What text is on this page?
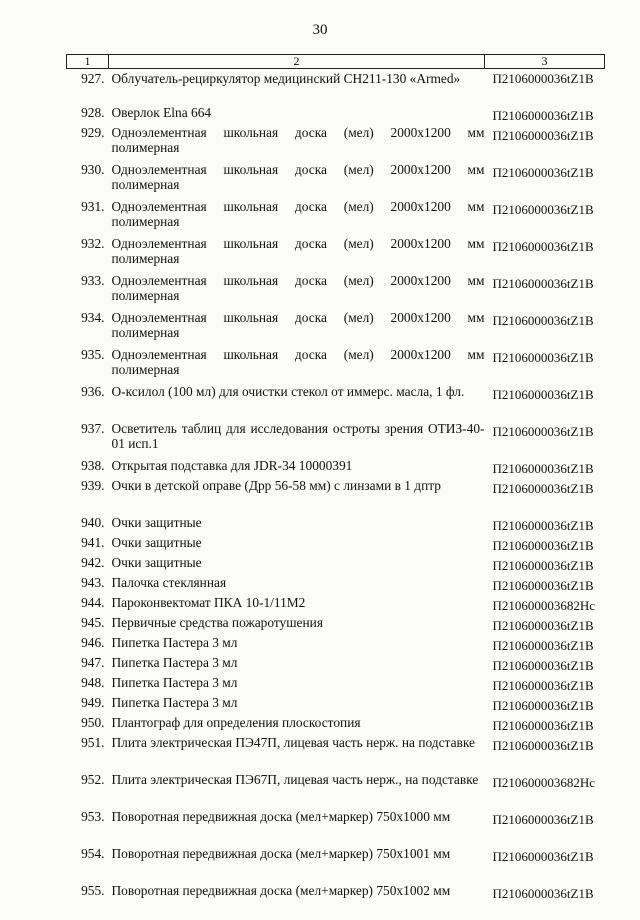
30
1	2	3
927.	Облучатель-рециркулятор медицинский СН211-130 «Armed»	П2106000036tZ1B
928.	Оверлок Elna 664	П2106000036tZ1B
929.	Одноэлементная школьная доска (мел) 2000х1200 мм полимерная	П2106000036tZ1B
930.	Одноэлементная школьная доска (мел) 2000х1200 мм полимерная	П2106000036tZ1B
931.	Одноэлементная школьная доска (мел) 2000х1200 мм полимерная	П2106000036tZ1B
932.	Одноэлементная школьная доска (мел) 2000х1200 мм полимерная	П2106000036tZ1B
933.	Одноэлементная школьная доска (мел) 2000х1200 мм полимерная	П2106000036tZ1B
934.	Одноэлементная школьная доска (мел) 2000х1200 мм полимерная	П2106000036tZ1B
935.	Одноэлементная школьная доска (мел) 2000х1200 мм полимерная	П2106000036tZ1B
936.	О-ксилол (100 мл) для очистки стекол от иммерс. масла, 1 фл.	П2106000036tZ1B
937.	Осветитель таблиц для исследования остроты зрения ОТИЗ-40-01 исп.1	П2106000036tZ1B
938.	Открытая подставка для JDR-34 10000391	П2106000036tZ1B
939.	Очки в детской оправе (Дрр 56-58 мм) с линзами в 1 дптр	П2106000036tZ1B
940.	Очки защитные	П2106000036tZ1B
941.	Очки защитные	П2106000036tZ1B
942.	Очки защитные	П2106000036tZ1B
943.	Палочка стеклянная	П2106000036tZ1B
944.	Пароконвектомат ПКА 10-1/11М2	П210600003682Нс
945.	Первичные средства пожаротушения	П2106000036tZ1B
946.	Пипетка Пастера 3 мл	П2106000036tZ1B
947.	Пипетка Пастера 3 мл	П2106000036tZ1B
948.	Пипетка Пастера 3 мл	П2106000036tZ1B
949.	Пипетка Пастера 3 мл	П2106000036tZ1B
950.	Плантограф для определения плоскостопия	П2106000036tZ1B
951.	Плита электрическая ПЭ47П, лицевая часть нерж. на подставке	П2106000036tZ1B
952.	Плита электрическая ПЭ67П, лицевая часть нерж., на подставке	П210600003682Нс
953.	Поворотная передвижная доска (мел+маркер) 750х1000 мм	П2106000036tZ1B
954.	Поворотная передвижная доска (мел+маркер) 750х1001 мм	П2106000036tZ1B
955.	Поворотная передвижная доска (мел+маркер) 750х1002 мм	П2106000036tZ1B
